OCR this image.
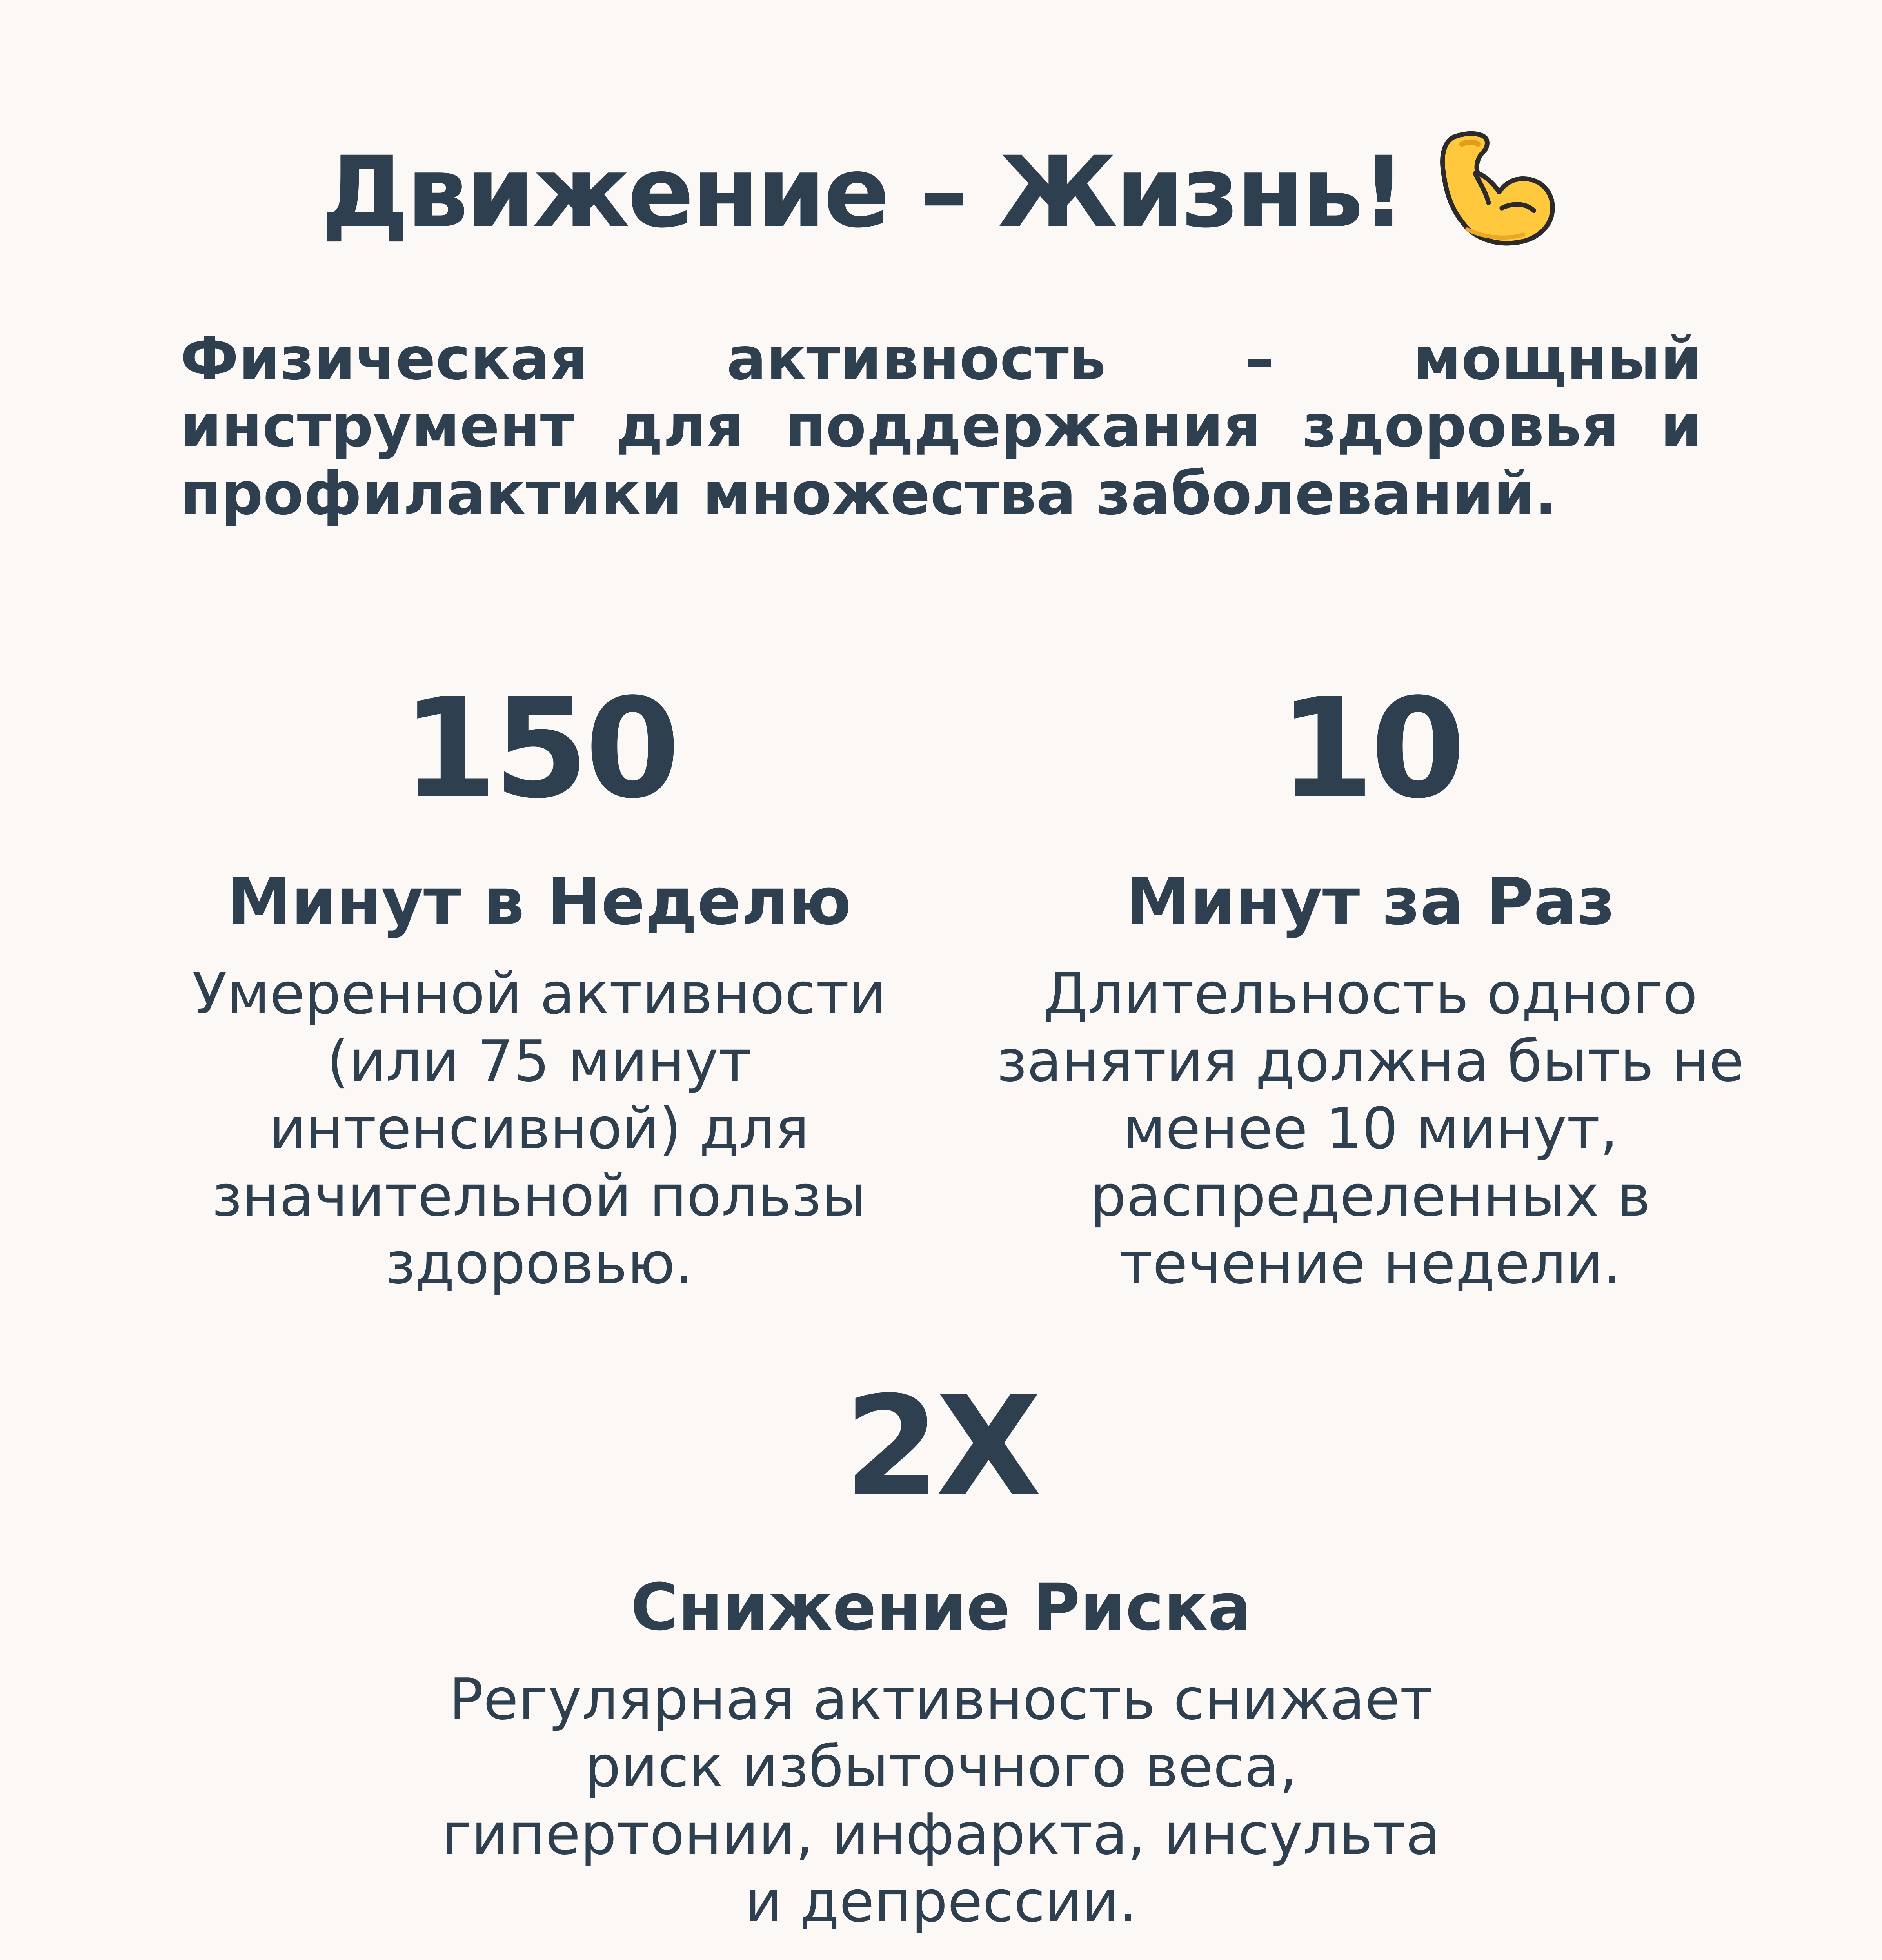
Движение – Жизнь!

Физическая активность – мощный инструмент для поддержания здоровья и профилактики множества заболеваний.

150
Минут в Неделю
Умеренной активности (или 75 минут интенсивной) для значительной пользы здоровью.
10
Минут за Раз
Длительность одного занятия должна быть не менее 10 минут, распределенных в течение недели.
2X
Снижение Риска
Регулярная активность снижает риск избыточного веса, гипертонии, инфаркта, инсульта и депрессии.
